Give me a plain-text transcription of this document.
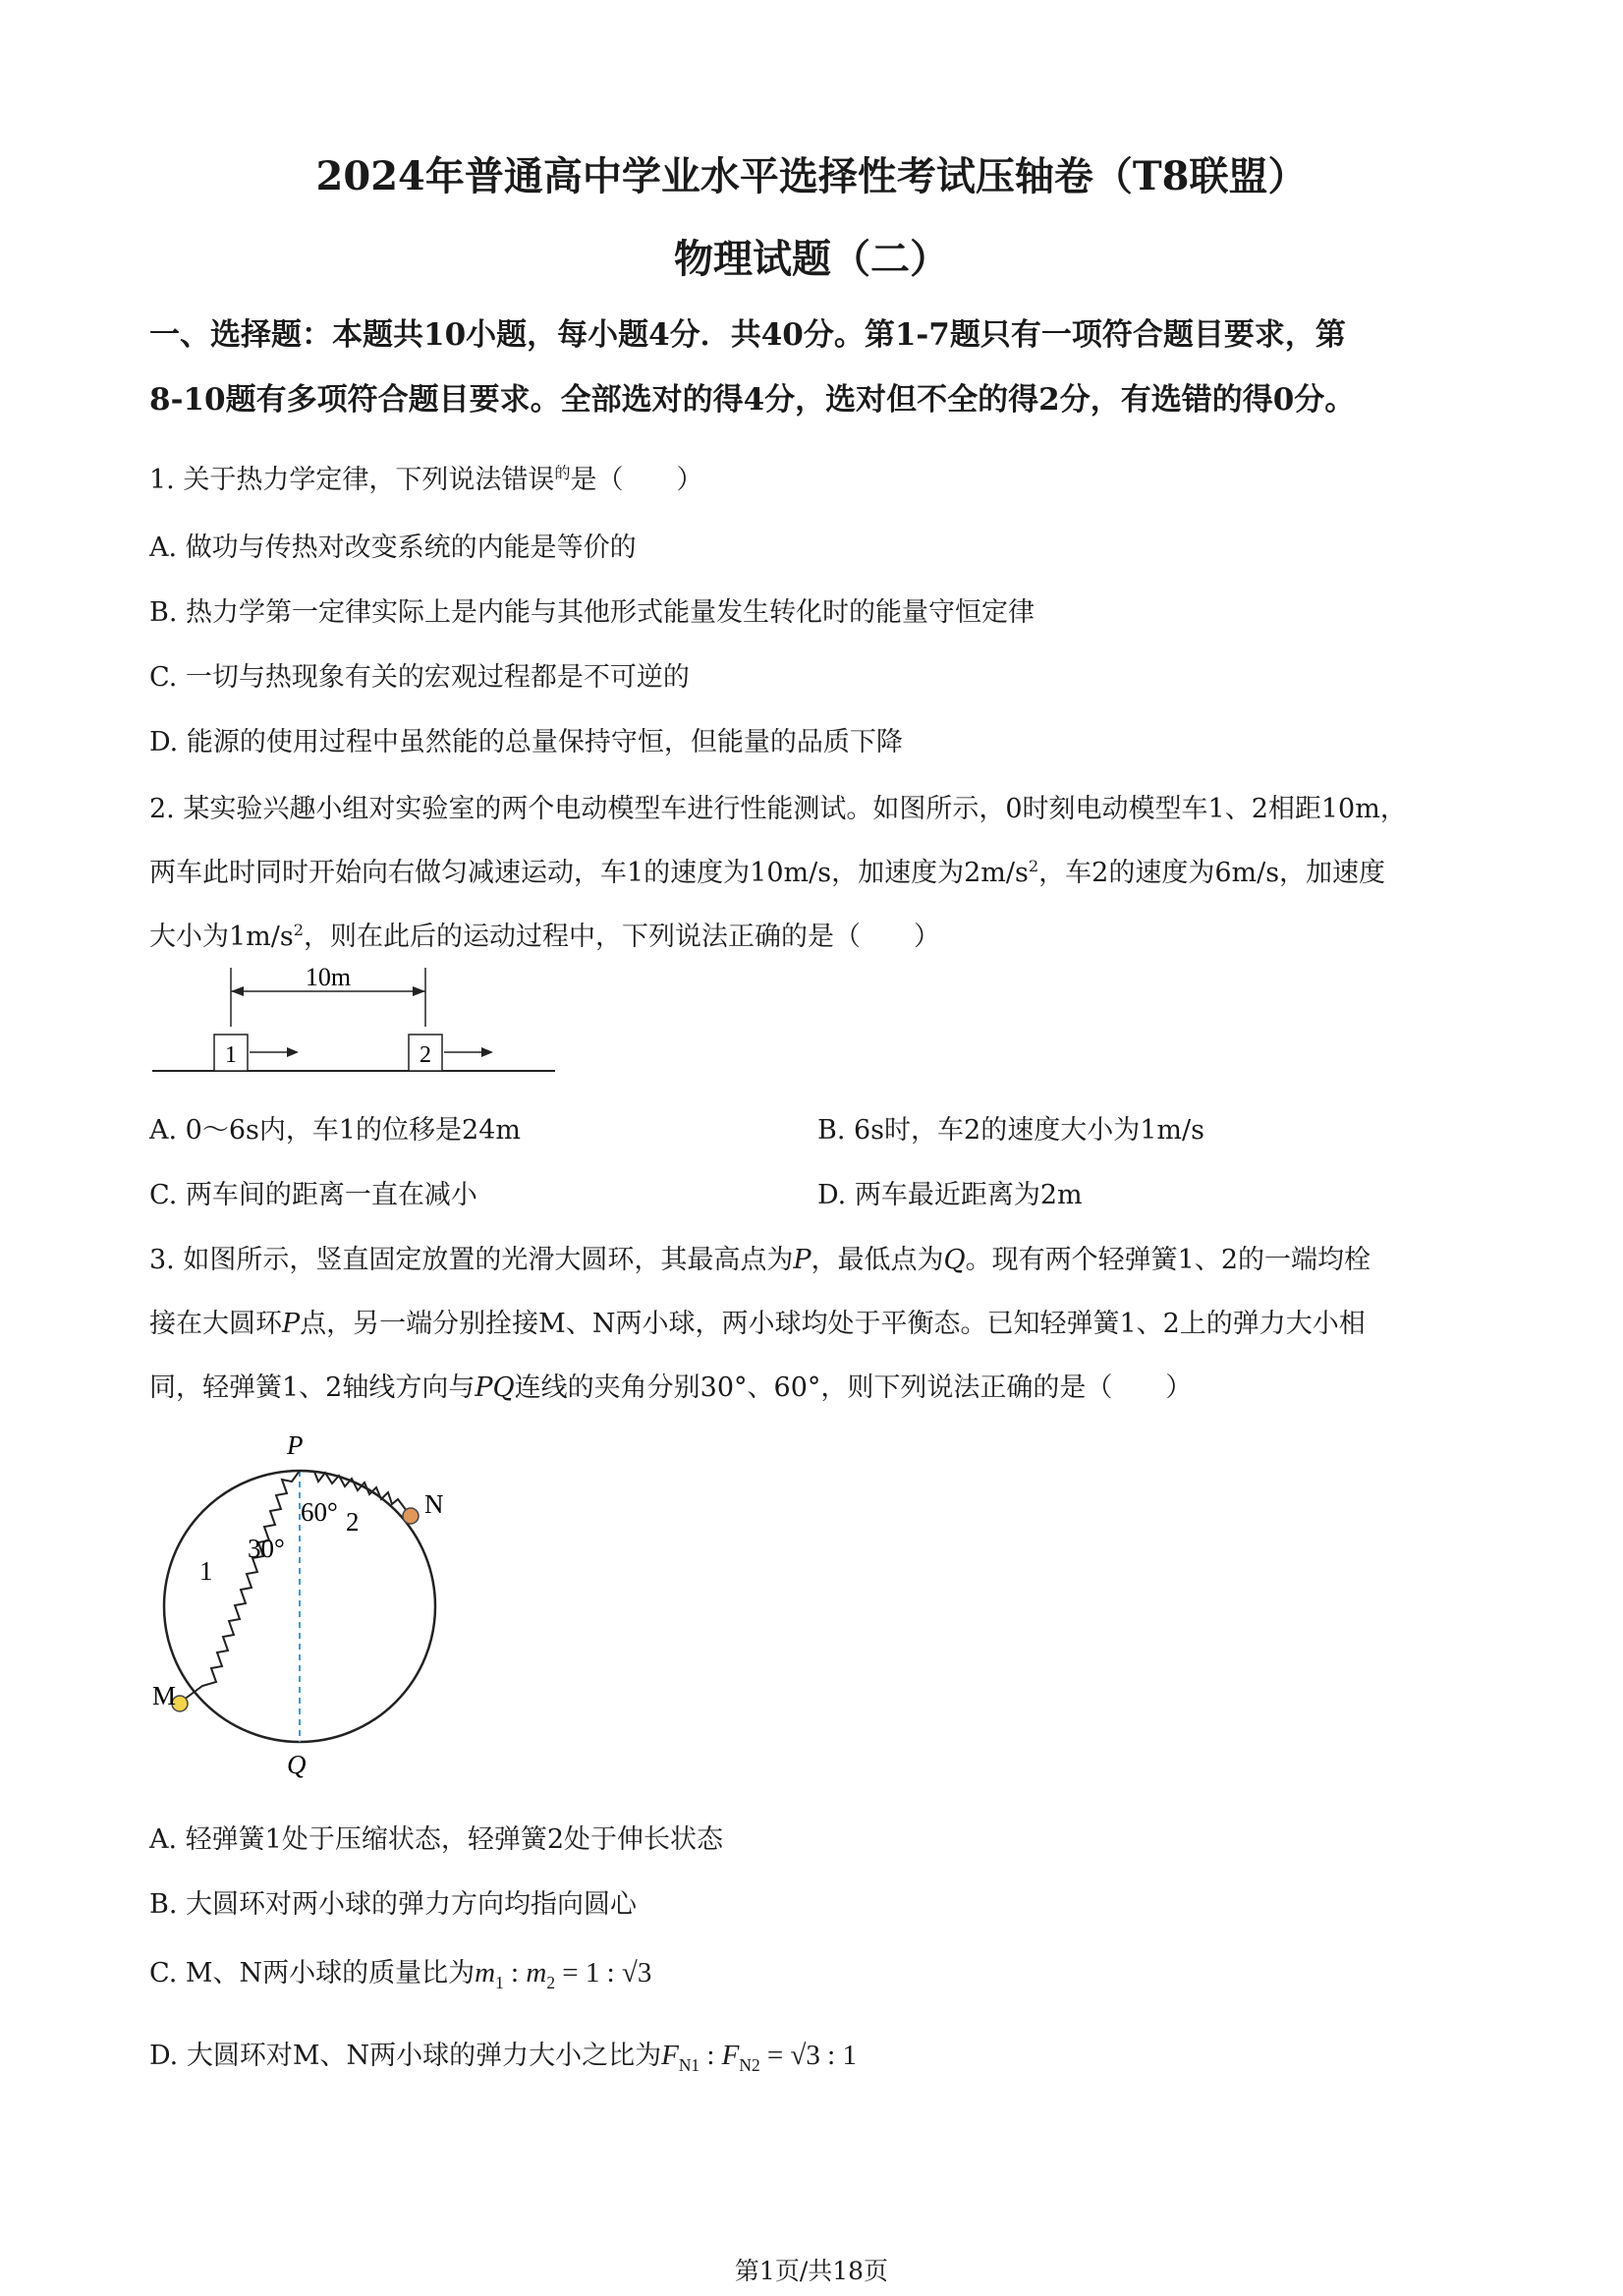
2024年普通高中学业水平选择性考试压轴卷（T8联盟）
物理试题（二）
一、选择题：本题共10小题，每小题4分．共40分。第1-7题只有一项符合题目要求，第
8-10题有多项符合题目要求。全部选对的得4分，选对但不全的得2分，有选错的得0分。
1. 关于热力学定律，下列说法错误$^的$是（　　）
A. 做功与传热对改变系统的内能是等价的
B. 热力学第一定律实际上是内能与其他形式能量发生转化时的能量守恒定律
C. 一切与热现象有关的宏观过程都是不可逆的
D. 能源的使用过程中虽然能的总量保持守恒，但能量的品质下降
2. 某实验兴趣小组对实验室的两个电动模型车进行性能测试。如图所示，0时刻电动模型车1、2相距10m，
两车此时同时开始向右做匀减速运动，车1的速度为10m/s，加速度为$2m/s^2$，车2的速度为6m/s，加速度
大小为$1m/s^2$，则在此后的运动过程中，下列说法正确的是（　　）
10m
1	2
A. 0～6s内，车1的位移是24m	B. 6s时，车2的速度大小为1m/s
C. 两车间的距离一直在减小	D. 两车最近距离为2m
3. 如图所示，竖直固定放置的光滑大圆环，其最高点为P，最低点为Q。现有两个轻弹簧1、2的一端均栓
接在大圆环P点，另一端分别拴接M、N两小球，两小球均处于平衡态。已知轻弹簧1、2上的弹力大小相
同，轻弹簧1、2轴线方向与PQ连线的夹角分别30°、60°，则下列说法正确的是（　　）
P
Q
M
N
1
2
30°
60°
A. 轻弹簧1处于压缩状态，轻弹簧2处于伸长状态
B. 大圆环对两小球的弹力方向均指向圆心
C. M、N两小球的质量比为$m_1$ : $m_2 = 1$ : √3
D. 大圆环对M、N两小球的弹力大小之比为$F_{N1}$ : $F_{N2} = √3$ : 1
第1页/共18页
